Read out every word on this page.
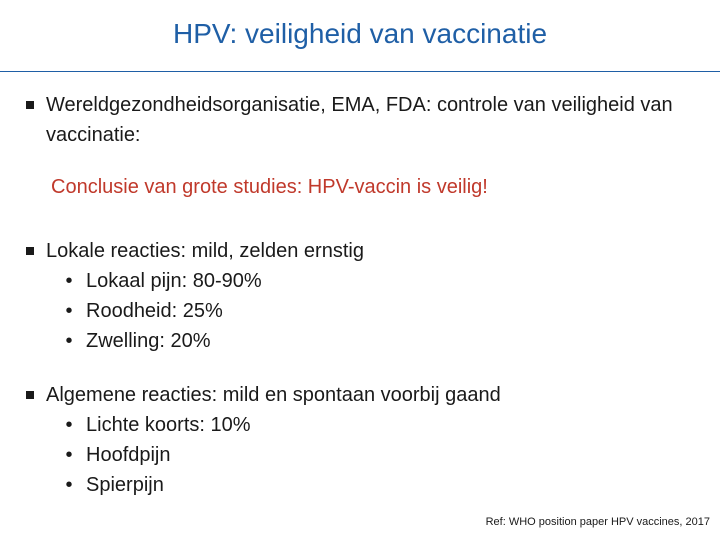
HPV: veiligheid van vaccinatie
Wereldgezondheidsorganisatie, EMA, FDA: controle van veiligheid van vaccinatie:
Conclusie van grote studies: HPV-vaccin is veilig!
Lokale reacties: mild, zelden ernstig
• Lokaal pijn: 80-90%
• Roodheid: 25%
• Zwelling: 20%
Algemene reacties: mild en spontaan voorbij gaand
• Lichte koorts: 10%
• Hoofdpijn
• Spierpijn
Ref: WHO position paper HPV vaccines, 2017
